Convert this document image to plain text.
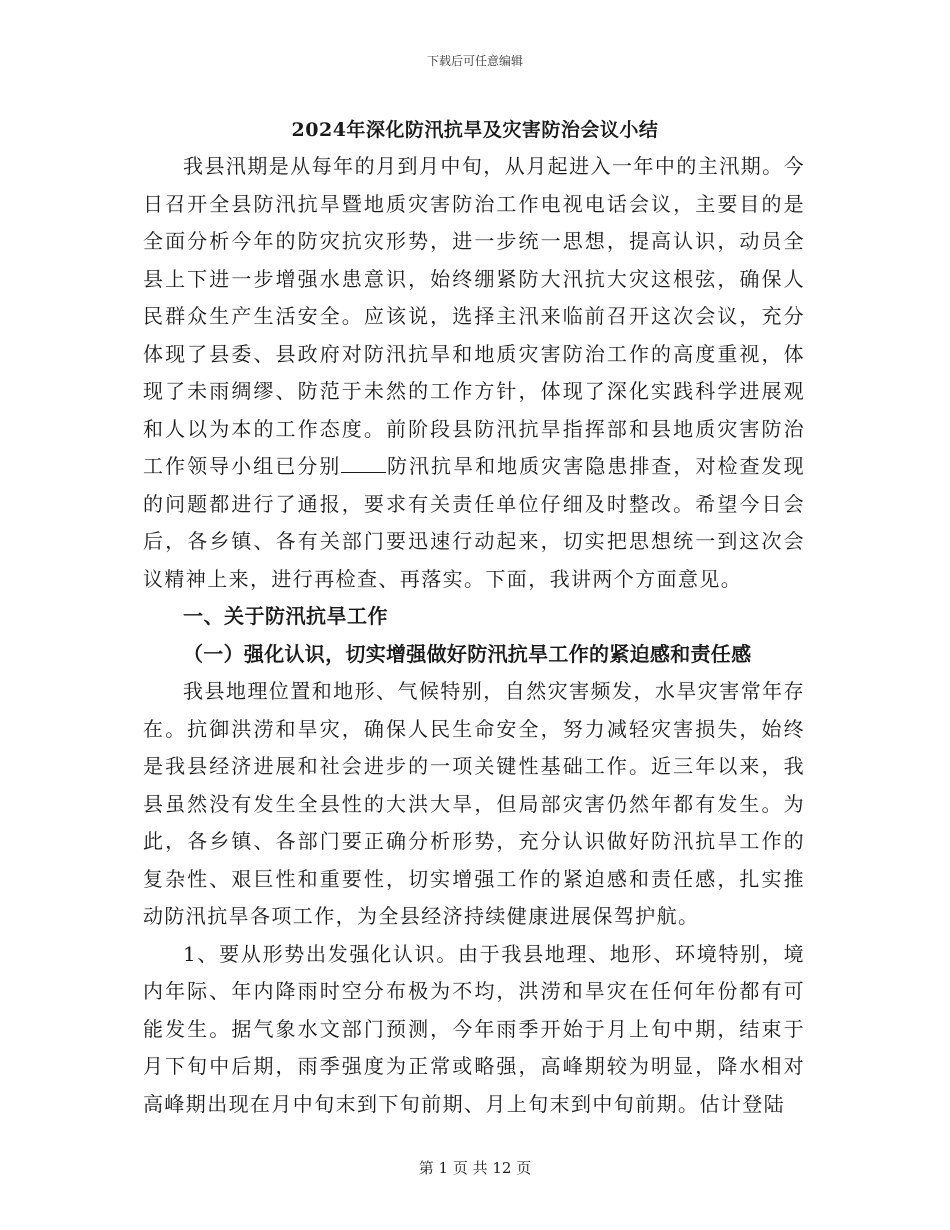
下载后可任意编辑
2024年深化防汛抗旱及灾害防治会议小结

我县汛期是从每年的月到月中旬，从月起进入一年中的主汛期。今日召开全县防汛抗旱暨地质灾害防治工作电视电话会议，主要目的是全面分析今年的防灾抗灾形势，进一步统一思想，提高认识，动员全县上下进一步增强水患意识，始终绷紧防大汛抗大灾这根弦，确保人民群众生产生活安全。应该说，选择主汛来临前召开这次会议，充分体现了县委、县政府对防汛抗旱和地质灾害防治工作的高度重视，体现了未雨绸缪、防范于未然的工作方针，体现了深化实践科学进展观和人以为本的工作态度。前阶段县防汛抗旱指挥部和县地质灾害防治工作领导小组已分别 防汛抗旱和地质灾害隐患排查，对检查发现的问题都进行了通报，要求有关责任单位仔细及时整改。希望今日会后，各乡镇、各有关部门要迅速行动起来，切实把思想统一到这次会议精神上来，进行再检查、再落实。下面，我讲两个方面意见。

一、关于防汛抗旱工作

（一）强化认识，切实增强做好防汛抗旱工作的紧迫感和责任感

我县地理位置和地形、气候特别，自然灾害频发，水旱灾害常年存在。抗御洪涝和旱灾，确保人民生命安全，努力减轻灾害损失，始终是我县经济进展和社会进步的一项关键性基础工作。近三年以来，我县虽然没有发生全县性的大洪大旱，但局部灾害仍然年都有发生。为此，各乡镇、各部门要正确分析形势，充分认识做好防汛抗旱工作的复杂性、艰巨性和重要性，切实增强工作的紧迫感和责任感，扎实推动防汛抗旱各项工作，为全县经济持续健康进展保驾护航。

1、要从形势出发强化认识。由于我县地理、地形、环境特别，境内年际、年内降雨时空分布极为不均，洪涝和旱灾在任何年份都有可能发生。据气象水文部门预测，今年雨季开始于月上旬中期，结束于月下旬中后期，雨季强度为正常或略强，高峰期较为明显，降水相对高峰期出现在月中旬末到下旬前期、月上旬末到中旬前期。估计登陆

第 1 页 共 12 页
